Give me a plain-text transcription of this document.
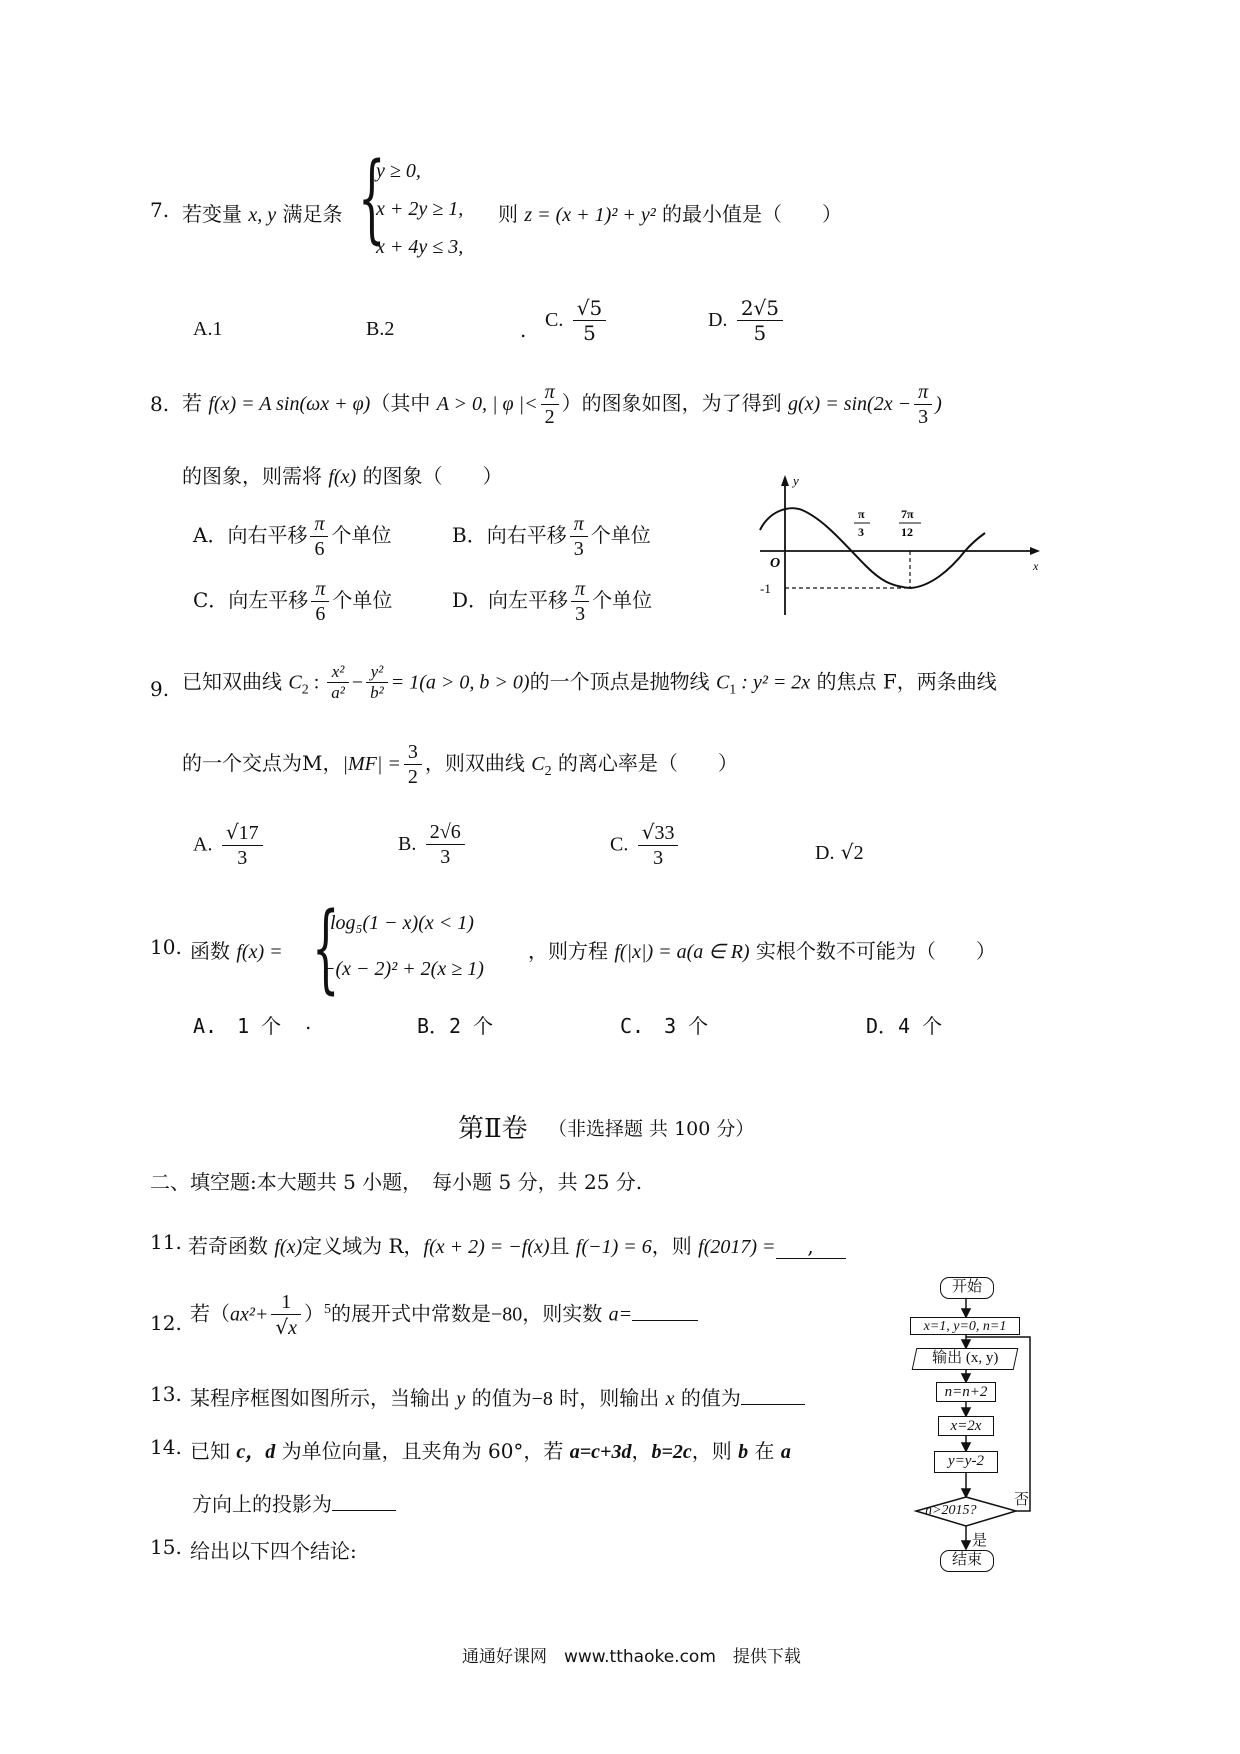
7. 若变量 x, y 满足条 {
y ≥ 0,
x + 2y ≥ 1,
x + 4y ≤ 3,
则 z = (x + 1)² + y² 的最小值是（　　）
A.1	B.2	. C. $\frac{√5}{5}$	D. $\frac{2√5}{5}$
8. 若 f(x) = A sin(ωx + φ)（其中 A > 0, | φ |< $\frac{\pi}{2}$ ）的图象如图，为了得到 $g(x) = \sin(2x - \frac{\pi}{3}$ )
的图象，则需将 f(x) 的图象（　　）
A．向右平移 $\frac{\pi}{6}$ 个单位	B．向右平移 $\frac{\pi}{3}$ 个单位
C．向左平移 $\frac{\pi}{6}$ 个单位	D．向左平移 $\frac{\pi}{3}$ 个单位
y
x
O
-1
π
3
7π
12
9. 已知双曲线 $C_2$ : $\frac{\text{x²}}{\text{a²}} - \frac{\text{y²}}{\text{b²}} = 1(a > 0$, b > 0)的一个顶点是抛物线 $C_1$ : y² = 2x 的焦点 F，两条曲线
的一个交点为M，$|MF| = \frac{3}{2}$ ，则双曲线 $C_2$ 的离心率是（　　）
A. $\frac{√17}{3}$	B. $\frac{2√6}{3}$	C. $\frac{√33}{3}$	D. √2
10. 函数 f(x) = {
log₅(1 − x)(x < 1)
−(x − 2)² + 2(x ≥ 1)
，则方程 f(|x|) = a(a ∈ R) 实根个数不可能为（　　）
A.　1 个 .	B．2 个	C.　3 个	D．4 个
第Ⅱ卷 （非选择题 共 100 分）
二、填空题:本大题共 5 小题，　每小题 5 分，共 25 分.
11. 若奇函数 f(x)定义域为 R，f(x + 2) = −f(x)且 f(−1) = 6，则 f(2017) = ,
12. 若$(ax^2+ \frac{1}{√x} )^5$的展开式中常数是−80，则实数 a=
13. 某程序框图如图所示，当输出 y 的值为−8 时，则输出 x 的值为
14. 已知 c，d 为单位向量，且夹角为 60°，若 a=c+3d，b=2c，则 b 在 a
方向上的投影为
15. 给出以下四个结论:
开始
x=1, y=0, n=1
输出 (x, y)
n=n+2
x=2x
y=y-2
n>2015?
否
是
结束
通通好课网　www.tthaoke.com　提供下载
